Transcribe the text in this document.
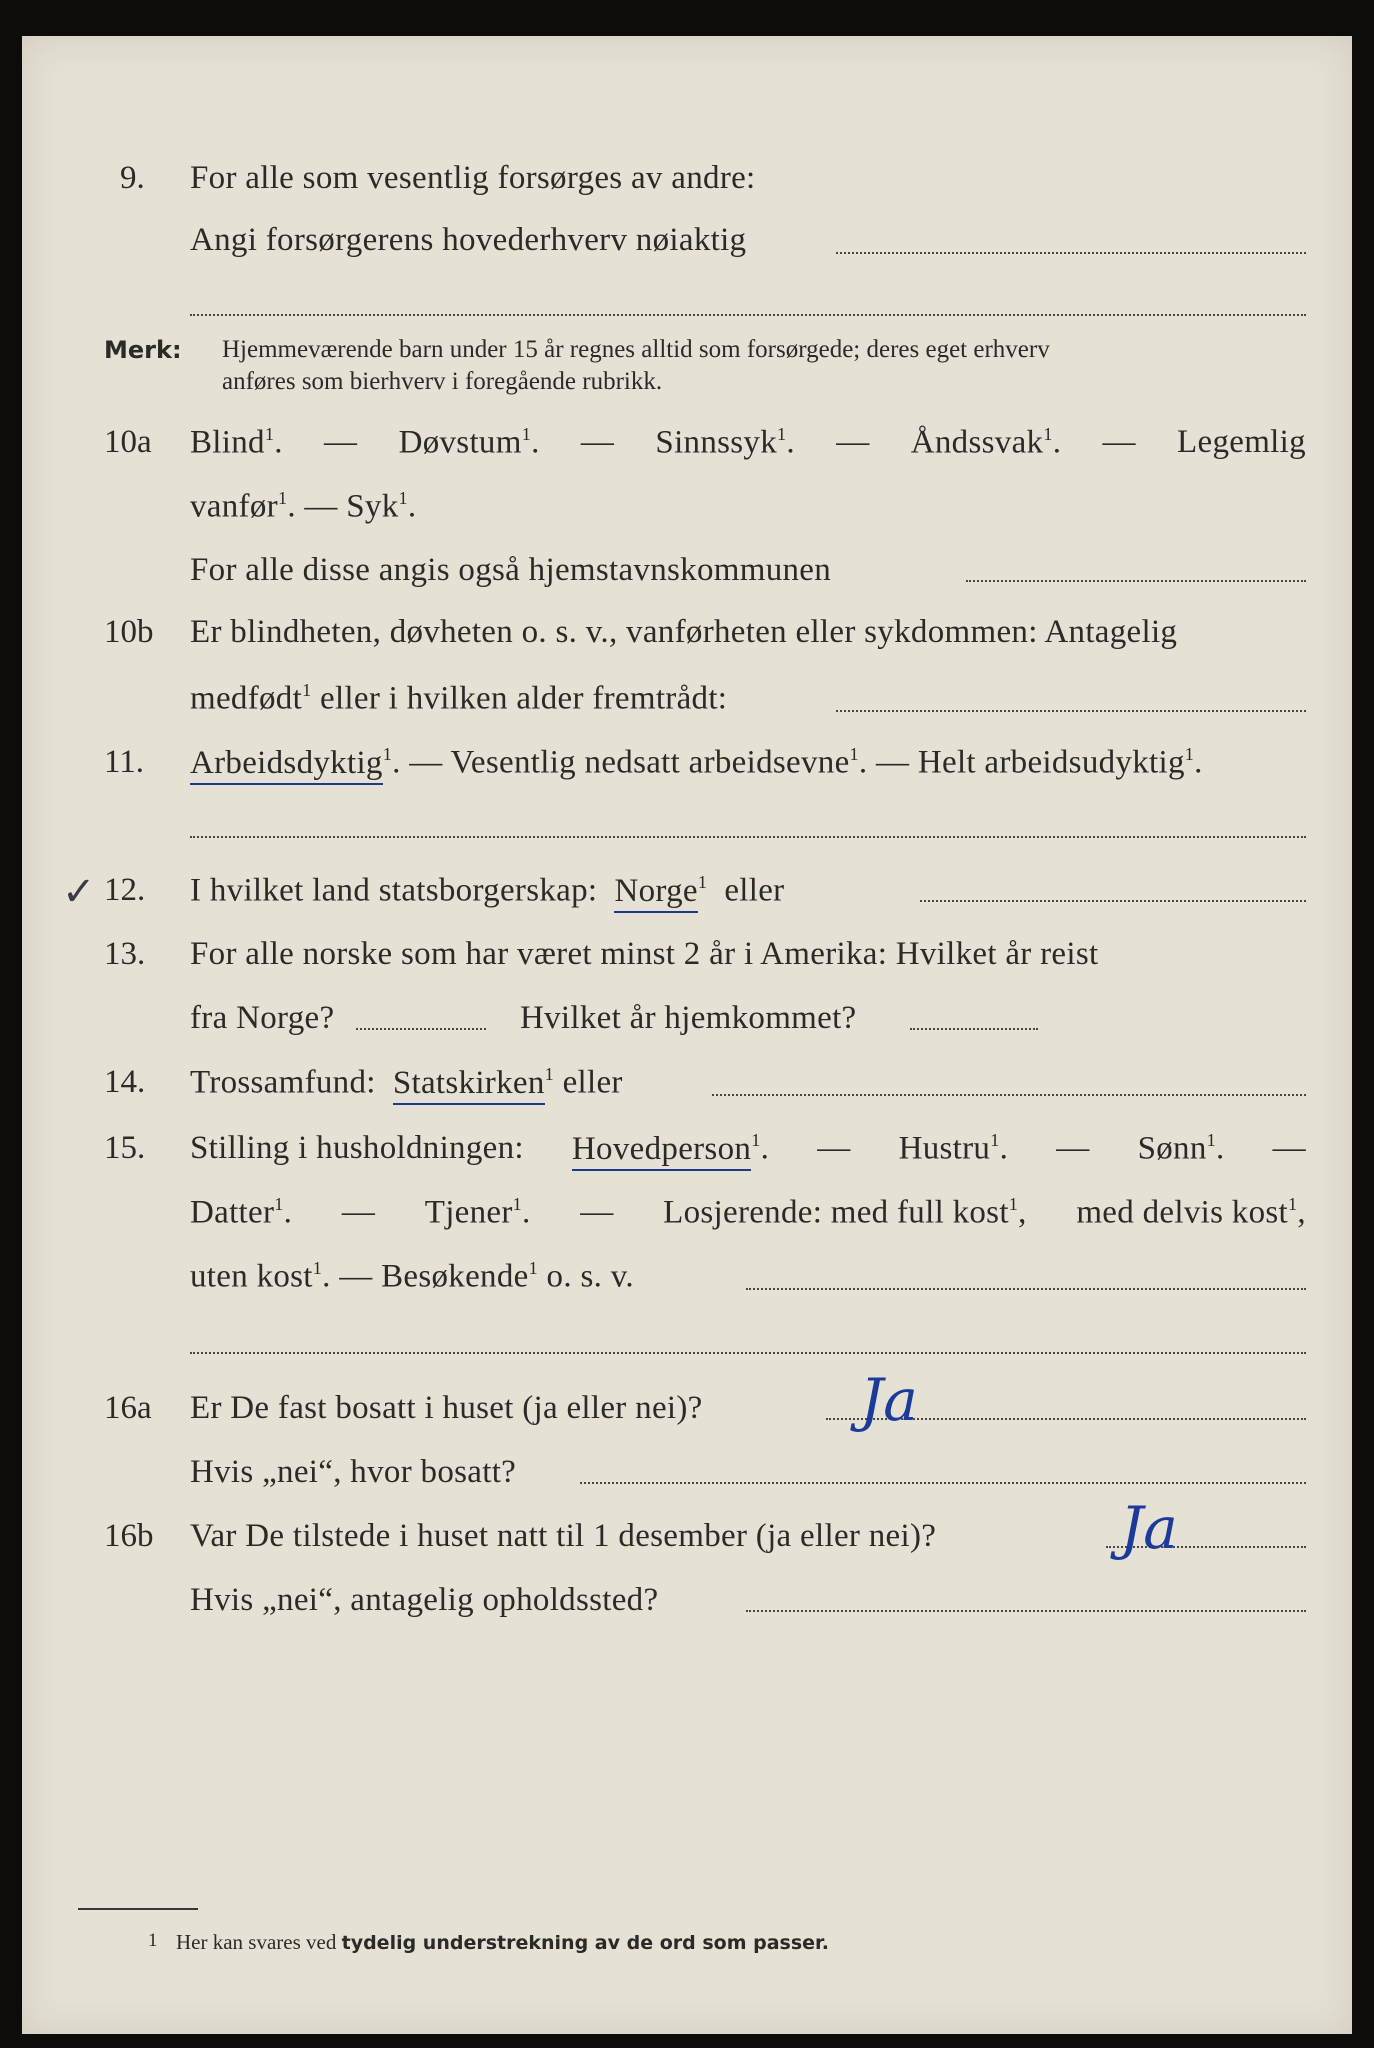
9. For alle som vesentlig forsørges av andre:
Angi forsørgerens hovederhverv nøiaktig
Merk: Hjemmeværende barn under 15 år regnes alltid som forsørgede; deres eget erhverv
anføres som bierhverv i foregående rubrikk.
10a Blind$^1$. — Døvstum$^1$. — Sinnssyk$^1$. — Åndssvak$^1$. — Legemlig
vanfør$^1$. — Syk$^1$.
For alle disse angis også hjemstavnskommunen
10b Er blindheten, døvheten o. s. v., vanførheten eller sykdommen: Antagelig
medfødt$^1$ eller i hvilken alder fremtrådt:
11. Arbeidsdyktig$^1$. — Vesentlig nedsatt arbeidsevne$^1$. — Helt arbeidsudyktig$^1$.
✓ 12. I hvilket land statsborgerskap: Norge$^1$ eller
13. For alle norske som har været minst 2 år i Amerika: Hvilket år reist
fra Norge?	Hvilket år hjemkommet?
14. Trossamfund: Statskirken$^1$ eller
15. Stilling i husholdningen: Hovedperson$^1$. — Hustru$^1$. — Sønn$^1$. —
Datter$^1$. — Tjener$^1$. — Losjerende: med full kost$^1$, med delvis kost$^1$,
uten kost$^1$. — Besøkende$^1$ o. s. v.
16a Er De fast bosatt i huset (ja eller nei)?	Ja
Hvis „nei“, hvor bosatt?
16b Var De tilstede i huset natt til 1 desember (ja eller nei)?	Ja
Hvis „nei“, antagelig opholdssted?
1 Her kan svares ved tydelig understrekning av de ord som passer.
